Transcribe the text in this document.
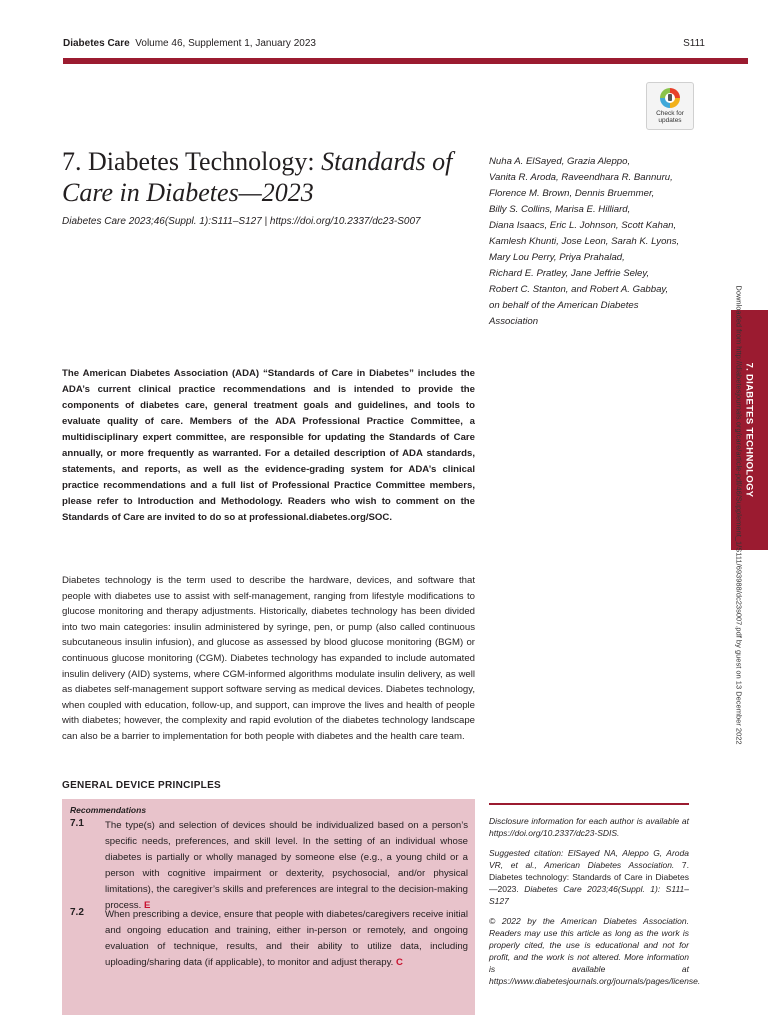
Diabetes Care Volume 46, Supplement 1, January 2023	S111
Check for
updates
7. Diabetes Technology: Standards of Care in Diabetes—2023
Diabetes Care 2023;46(Suppl. 1):S111–S127 | https://doi.org/10.2337/dc23-S007
Nuha A. ElSayed, Grazia Aleppo,
Vanita R. Aroda, Raveendhara R. Bannuru,
Florence M. Brown, Dennis Bruemmer,
Billy S. Collins, Marisa E. Hilliard,
Diana Isaacs, Eric L. Johnson, Scott Kahan,
Kamlesh Khunti, Jose Leon, Sarah K. Lyons,
Mary Lou Perry, Priya Prahalad,
Richard E. Pratley, Jane Jeffrie Seley,
Robert C. Stanton, and Robert A. Gabbay,
on behalf of the American Diabetes
Association
7. DIABETES TECHNOLOGY
Downloaded from http://diabetesjournals.org/care/article-pdf/46/Supplement_1/S111/693988/dc23s007.pdf by guest on 13 December 2022
The American Diabetes Association (ADA) “Standards of Care in Diabetes” includes the ADA’s current clinical practice recommendations and is intended to provide the components of diabetes care, general treatment goals and guidelines, and tools to evaluate quality of care. Members of the ADA Professional Practice Committee, a multidisciplinary expert committee, are responsible for updating the Standards of Care annually, or more frequently as warranted. For a detailed description of ADA standards, statements, and reports, as well as the evidence-grading system for ADA’s clinical practice recommendations and a full list of Professional Practice Committee members, please refer to Introduction and Methodology. Readers who wish to comment on the Standards of Care are invited to do so at professional.diabetes.org/SOC.
Diabetes technology is the term used to describe the hardware, devices, and software that people with diabetes use to assist with self-management, ranging from lifestyle modifications to glucose monitoring and therapy adjustments. Historically, diabetes technology has been divided into two main categories: insulin administered by syringe, pen, or pump (also called continuous subcutaneous insulin infusion), and glucose as assessed by blood glucose monitoring (BGM) or continuous glucose monitoring (CGM). Diabetes technology has expanded to include automated insulin delivery (AID) systems, where CGM-informed algorithms modulate insulin delivery, as well as diabetes self-management support software serving as medical devices. Diabetes technology, when coupled with education, follow-up, and support, can improve the lives and health of people with diabetes; however, the complexity and rapid evolution of the diabetes technology landscape can also be a barrier to implementation for both people with diabetes and the health care team.
GENERAL DEVICE PRINCIPLES
Recommendations
7.1 The type(s) and selection of devices should be individualized based on a person’s specific needs, preferences, and skill level. In the setting of an individual whose diabetes is partially or wholly managed by someone else (e.g., a young child or a person with cognitive impairment or dexterity, psychosocial, and/or physical limitations), the caregiver’s skills and preferences are integral to the decision-making process. E
7.2 When prescribing a device, ensure that people with diabetes/caregivers receive initial and ongoing education and training, either in-person or remotely, and ongoing evaluation of technique, results, and their ability to utilize data, including uploading/sharing data (if applicable), to monitor and adjust therapy. C

Disclosure information for each author is available at https://doi.org/10.2337/dc23-SDIS.

Suggested citation: ElSayed NA, Aleppo G, Aroda VR, et al., American Diabetes Association. 7. Diabetes technology: Standards of Care in Diabetes—2023. Diabetes Care 2023;46(Suppl. 1): S111–S127

© 2022 by the American Diabetes Association. Readers may use this article as long as the work is properly cited, the use is educational and not for profit, and the work is not altered. More information is available at https://www.diabetesjournals.org/journals/pages/license.
